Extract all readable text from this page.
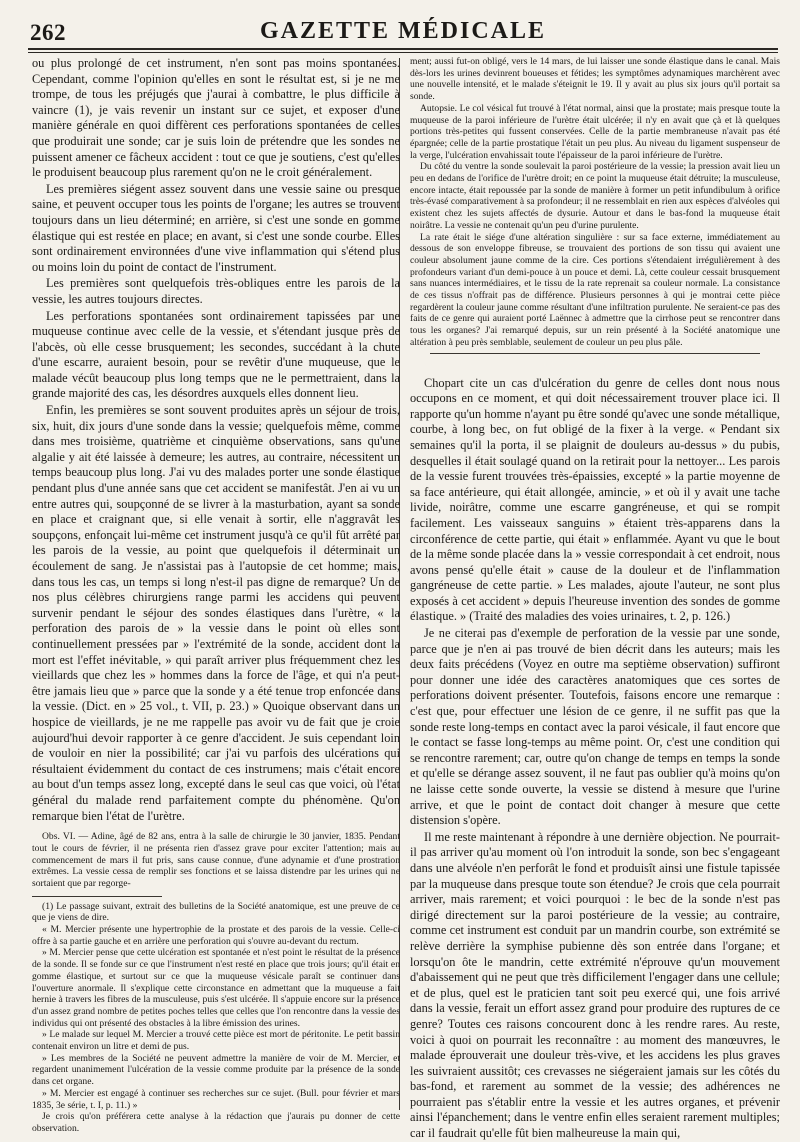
262	GAZETTE MÉDICALE

ou plus prolongé de cet instrument, n'en sont pas moins spontanées. Cependant, comme l'opinion qu'elles en sont le résultat est, si je ne me trompe, de tous les préjugés que j'aurai à combattre, le plus difficile à vaincre (1), je vais revenir un instant sur ce sujet, et exposer d'une manière générale en quoi diffèrent ces perforations spontanées de celles que produirait une sonde; car je suis loin de prétendre que les sondes ne puissent amener ce fâcheux accident : tout ce que je soutiens, c'est qu'elles le produisent beaucoup plus rarement qu'on ne le croit généralement.

Les premières siégent assez souvent dans une vessie saine ou presque saine, et peuvent occuper tous les points de l'organe; les autres se trouvent toujours dans un lieu déterminé; en arrière, si c'est une sonde en gomme élastique qui est restée en place; en avant, si c'est une sonde courbe. Elles sont ordinairement environnées d'une vive inflammation qui s'étend plus ou moins loin du point de contact de l'instrument.

Les premières sont quelquefois très-obliques entre les parois de la vessie, les autres toujours directes.

Les perforations spontanées sont ordinairement tapissées par une muqueuse continue avec celle de la vessie, et s'étendant jusque près de l'abcès, où elle cesse brusquement; les secondes, succédant à la chute d'une escarre, auraient besoin, pour se revêtir d'une muqueuse, que le malade vécût beaucoup plus long temps que ne le permettraient, dans la grande majorité des cas, les désordres auxquels elles donnent lieu.

Enfin, les premières se sont souvent produites après un séjour de trois, six, huit, dix jours d'une sonde dans la vessie; quelquefois même, comme dans mes troisième, quatrième et cinquième observations, sans qu'une algalie y ait été laissée à demeure; les autres, au contraire, nécessitent un temps beaucoup plus long. J'ai vu des malades porter une sonde élastique pendant plus d'une année sans que cet accident se manifestât. J'en ai vu un entre autres qui, soupçonné de se livrer à la masturbation, ayant sa sonde en place et craignant que, si elle venait à sortir, elle n'aggravât les soupçons, enfonçait lui-même cet instrument jusqu'à ce qu'il fût arrêté par les parois de la vessie, au point que quelquefois il déterminait un écoulement de sang. Je n'assistai pas à l'autopsie de cet homme; mais, dans tous les cas, un temps si long n'est-il pas digne de remarque? Un de nos plus célèbres chirurgiens range parmi les accidens qui peuvent survenir pendant le séjour des sondes élastiques dans l'urètre, « la perforation des parois de » la vessie dans le point où elles sont continuellement pressées par » l'extrémité de la sonde, accident dont la mort est l'effet inévitable, » qui paraît arriver plus fréquemment chez les vieillards que chez les » hommes dans la force de l'âge, et qui n'a peut-être jamais lieu que » parce que la sonde y a été tenue trop enfoncée dans la vessie. (Dict. en » 25 vol., t. VII, p. 23.) » Quoique observant dans un hospice de vieillards, je ne me rappelle pas avoir vu de fait que je croie aujourd'hui devoir rapporter à ce genre d'accident. Je suis cependant loin de vouloir en nier la possibilité; car j'ai vu parfois des ulcérations qui résultaient évidemment du contact de ces instrumens; mais c'était encore au bout d'un temps assez long, excepté dans le seul cas que voici, où l'état général du malade rend parfaitement compte du phénomène. Qu'on remarque bien l'état de l'urètre.

Obs. VI. — Adine, âgé de 82 ans, entra à la salle de chirurgie le 30 janvier, 1835. Pendant tout le cours de février, il ne présenta rien d'assez grave pour exciter l'attention; mais au commencement de mars il fut pris, sans cause connue, d'une adynamie et d'une prostration extrêmes. La vessie cessa de remplir ses fonctions et se laissa distendre par les urines qui ne sortaient que par regorge-

(1) Le passage suivant, extrait des bulletins de la Société anatomique, est une preuve de ce que je viens de dire.

« M. Mercier présente une hypertrophie de la prostate et des parois de la vessie. Celle-ci offre à sa partie gauche et en arrière une perforation qui s'ouvre au-devant du rectum.

» M. Mercier pense que cette ulcération est spontanée et n'est point le résultat de la présence de la sonde. Il se fonde sur ce que l'instrument n'est resté en place que trois jours; qu'il était en gomme élastique, et surtout sur ce que la muqueuse vésicale paraît se continuer dans l'ouverture anormale. Il s'explique cette circonstance en admettant que la muqueuse a fait hernie à travers les fibres de la musculeuse, puis s'est ulcérée. Il s'appuie encore sur la présence d'un assez grand nombre de petites poches telles que celles que l'on rencontre dans la vessie des individus qui ont présenté des obstacles à la libre émission des urines.

» Le malade sur lequel M. Mercier a trouvé cette pièce est mort de péritonite. Le petit bassin contenait environ un litre et demi de pus.

» Les membres de la Société ne peuvent admettre la manière de voir de M. Mercier, et regardent unanimement l'ulcération de la vessie comme produite par la présence de la sonde dans cet organe.

» M. Mercier est engagé à continuer ses recherches sur ce sujet. (Bull. pour février et mars 1835, 3e série, t. I, p. 11.) »

Je crois qu'on préférera cette analyse à la rédaction que j'aurais pu donner de cette observation.

ment; aussi fut-on obligé, vers le 14 mars, de lui laisser une sonde élastique dans le canal. Mais dès-lors les urines devinrent boueuses et fétides; les symptômes adynamiques marchèrent avec une nouvelle intensité, et le malade s'éteignit le 19. Il y avait au plus six jours qu'il portait sa sonde.

Autopsie. Le col vésical fut trouvé à l'état normal, ainsi que la prostate; mais presque toute la muqueuse de la paroi inférieure de l'urètre était ulcérée; il n'y en avait que çà et là quelques portions très-petites qui fussent conservées. Celle de la partie membraneuse n'avait pas été épargnée; celle de la partie prostatique l'était un peu plus. Au niveau du ligament suspenseur de la verge, l'ulcération envahissait toute l'épaisseur de la paroi inférieure de l'urètre.

Du côté du ventre la sonde soulevait la paroi postérieure de la vessie; la pression avait lieu un peu en dedans de l'orifice de l'urètre droit; en ce point la muqueuse était détruite; la musculeuse, encore intacte, était repoussée par la sonde de manière à former un petit infundibulum à orifice très-évasé comparativement à sa profondeur; il ne ressemblait en rien aux espèces d'alvéoles qui existent chez les sujets affectés de dysurie. Autour et dans le bas-fond la muqueuse était noirâtre. La vessie ne contenait qu'un peu d'urine purulente.

La rate était le siége d'une altération singulière : sur sa face externe, immédiatement au dessous de son enveloppe fibreuse, se trouvaient des portions de son tissu qui avaient une couleur absolument jaune comme de la cire. Ces portions s'étendaient irrégulièrement à des profondeurs variant d'un demi-pouce à un pouce et demi. Là, cette couleur cessait brusquement sans nuances intermédiaires, et le tissu de la rate reprenait sa couleur normale. La consistance de ces tissus n'offrait pas de différence. Plusieurs personnes à qui je montrai cette pièce regardèrent la couleur jaune comme résultant d'une infiltration purulente. Ne seraient-ce pas des faits de ce genre qui auraient porté Laënnec à admettre que la cirrhose peut se rencontrer dans tous les organes? J'ai remarqué depuis, sur un rein présenté à la Société anatomique une altération à peu près semblable, seulement de couleur un peu plus pâle.

Chopart cite un cas d'ulcération du genre de celles dont nous nous occupons en ce moment, et qui doit nécessairement trouver place ici. Il rapporte qu'un homme n'ayant pu être sondé qu'avec une sonde métallique, courbe, à long bec, on fut obligé de la fixer à la verge. « Pendant six semaines qu'il la porta, il se plaignit de douleurs au-dessus » du pubis, desquelles il était soulagé quand on la retirait pour la nettoyer... Les parois de la vessie furent trouvées très-épaissies, excepté » la partie moyenne de sa face antérieure, qui était allongée, amincie, » et où il y avait une tache livide, noirâtre, comme une escarre gangréneuse, et qui se rompit facilement. Les vaisseaux sanguins » étaient très-apparens dans la circonférence de cette partie, qui était » enflammée. Ayant vu que le bout de la même sonde placée dans la » vessie correspondait à cet endroit, nous avons pensé qu'elle était » cause de la douleur et de l'inflammation gangréneuse de cette partie. » Les malades, ajoute l'auteur, ne sont plus exposés à cet accident » depuis l'heureuse invention des sondes de gomme élastique. » (Traité des maladies des voies urinaires, t. 2, p. 126.)

Je ne citerai pas d'exemple de perforation de la vessie par une sonde, parce que je n'en ai pas trouvé de bien décrit dans les auteurs; mais les deux faits précédens (Voyez en outre ma septième observation) suffiront pour donner une idée des caractères anatomiques que ces sortes de perforations doivent présenter. Toutefois, faisons encore une remarque : c'est que, pour effectuer une lésion de ce genre, il ne suffit pas que la sonde reste long-temps en contact avec la paroi vésicale, il faut encore que le contact se fasse long-temps au même point. Or, c'est une condition qui se rencontre rarement; car, outre qu'on change de temps en temps la sonde et qu'elle se dérange assez souvent, il ne faut pas oublier qu'à moins qu'on ne laisse cette sonde ouverte, la vessie se distend à mesure que l'urine arrive, et que le point de contact doit changer à mesure que cette distension s'opère.

Il me reste maintenant à répondre à une dernière objection. Ne pourrait-il pas arriver qu'au moment où l'on introduit la sonde, son bec s'engageant dans une alvéole n'en perforât le fond et produisît ainsi une fistule tapissée par la muqueuse dans presque toute son étendue? Je crois que cela pourrait arriver, mais rarement; et voici pourquoi : le bec de la sonde n'est pas dirigé directement sur la paroi postérieure de la vessie; au contraire, comme cet instrument est conduit par un mandrin courbe, son extrémité se relève derrière la symphise pubienne dès son entrée dans l'organe; et lorsqu'on ôte le mandrin, cette extrémité n'éprouve qu'un mouvement d'abaissement qui ne peut que très difficilement l'engager dans une cellule; et de plus, quel est le praticien tant soit peu exercé qui, une fois arrivé dans la vessie, ferait un effort assez grand pour produire des ruptures de ce genre? Toutes ces raisons concourent donc à les rendre rares. Au reste, voici à quoi on pourrait les reconnaître : au moment des manœuvres, le malade éprouverait une douleur très-vive, et les accidens les plus graves les suivraient aussitôt; ces crevasses ne siégeraient jamais sur les côtés du bas-fond, et rarement au sommet de la vessie; des adhérences ne pourraient pas s'établir entre la vessie et les autres organes, et prévenir ainsi l'épanchement; dans le ventre enfin elles seraient rarement multiples; car il faudrait qu'elle fût bien malheureuse la main qui,
